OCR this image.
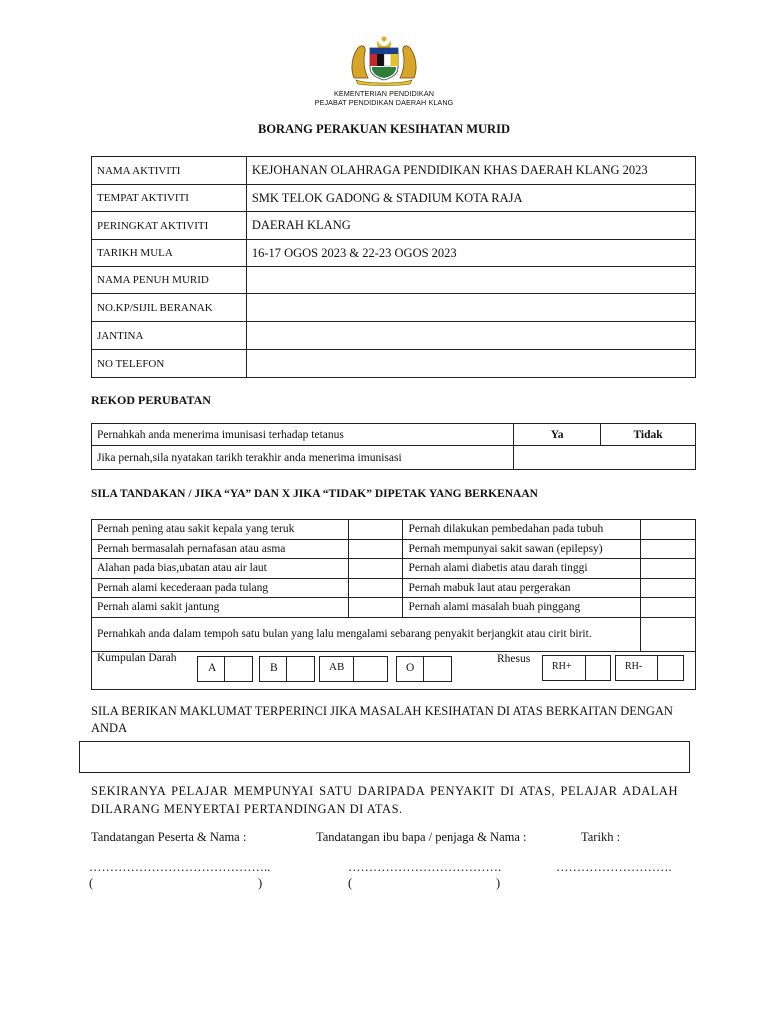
KEMENTERIAN PENDIDIKAN
PEJABAT PENDIDIKAN DAERAH KLANG
BORANG PERAKUAN KESIHATAN MURID
NAMA AKTIVITI	KEJOHANAN OLAHRAGA PENDIDIKAN KHAS DAERAH KLANG 2023
TEMPAT AKTIVITI	SMK TELOK GADONG & STADIUM KOTA RAJA
PERINGKAT AKTIVITI	DAERAH KLANG
TARIKH MULA	16-17 OGOS 2023 & 22-23 OGOS 2023
NAMA PENUH MURID	
NO.KP/SIJIL BERANAK	
JANTINA	
NO TELEFON	
REKOD PERUBATAN
Pernahkah anda menerima imunisasi terhadap tetanus	Ya	Tidak
Jika pernah,sila nyatakan tarikh terakhir anda menerima imunisasi		
SILA TANDAKAN / JIKA “YA” DAN X JIKA “TIDAK” DIPETAK YANG BERKENAAN
Pernah pening atau sakit kepala yang teruk		Pernah dilakukan pembedahan pada tubuh	
Pernah bermasalah pernafasan atau asma		Pernah mempunyai sakit sawan (epilepsy)	
Alahan pada bias,ubatan atau air laut		Pernah alami diabetis atau darah tinggi	
Pernah alami kecederaan pada tulang		Pernah mabuk laut atau pergerakan	
Pernah alami sakit jantung		Pernah alami masalah buah pinggang	
Pernahkah anda dalam tempoh satu bulan yang lalu mengalami sebarang penyakit berjangkit atau cirit birit.			

Kumpulan Darah
A	B	AB	O
Rhesus
RH+	RH-
SILA BERIKAN MAKLUMAT TERPERINCI JIKA MASALAH KESIHATAN DI ATAS BERKAITAN DENGAN ANDA
SEKIRANYA PELAJAR MEMPUNYAI SATU DARIPADA PENYAKIT DI ATAS, PELAJAR ADALAH DILARANG MENYERTAI PERTANDINGAN DI ATAS.
Tandatangan Peserta & Nama :	Tandatangan ibu bapa / penjaga & Nama :	Tarikh :
……………………………………..	……………………………….	……………………….
(	)	(	)
